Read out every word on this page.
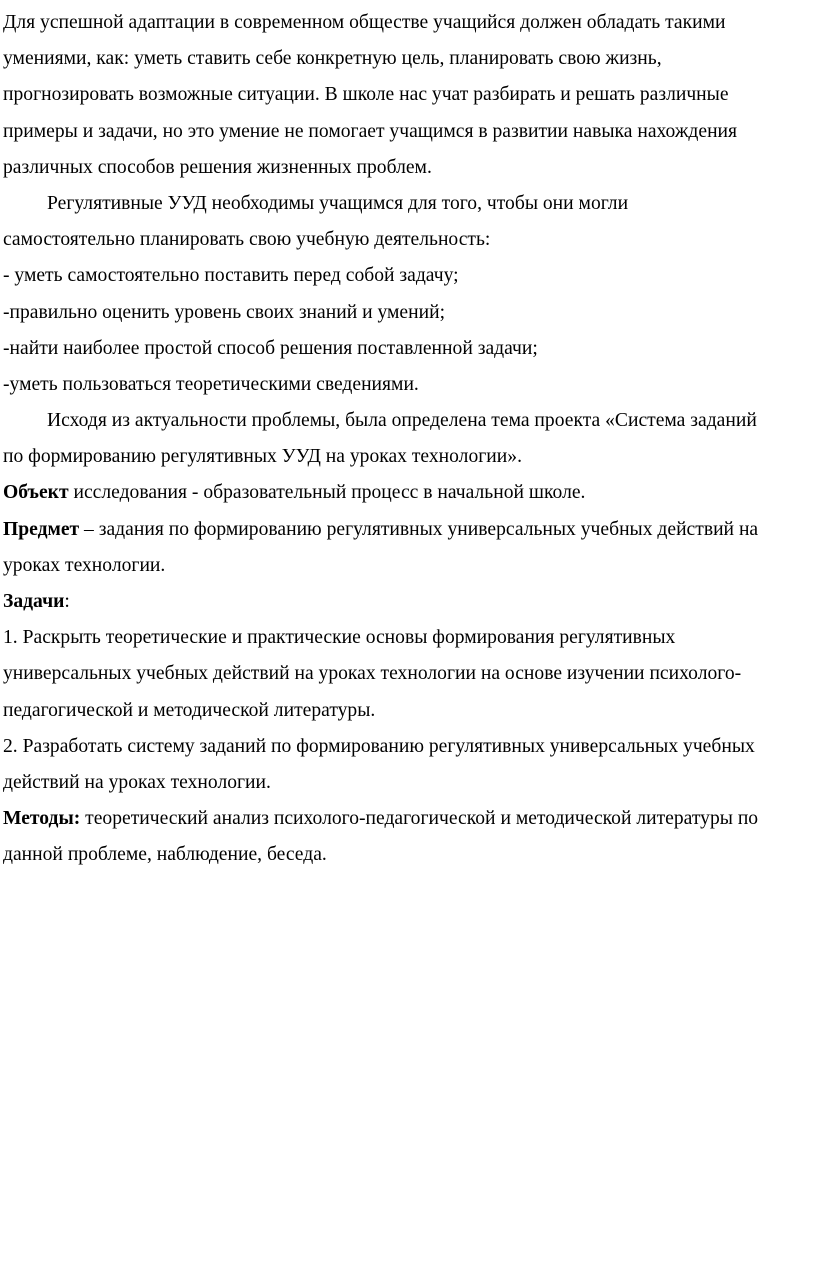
Для успешной адаптации в современном обществе учащийся должен обладать такими
умениями, как: уметь ставить себе конкретную цель, планировать свою жизнь,
прогнозировать возможные ситуации. В школе нас учат разбирать и решать различные
примеры и задачи, но это умение не помогает учащимся в развитии навыка нахождения
различных способов решения жизненных проблем.
Регулятивные УУД необходимы учащимся для того, чтобы они могли
самостоятельно планировать свою учебную деятельность:
- уметь самостоятельно поставить перед собой задачу;
-правильно оценить уровень своих знаний и умений;
-найти наиболее простой способ решения поставленной задачи;
-уметь пользоваться теоретическими сведениями.
Исходя из актуальности проблемы, была определена тема проекта «Система заданий
по формированию регулятивных УУД на уроках технологии».
Объект исследования - образовательный процесс в начальной школе.
Предмет – задания по формированию регулятивных универсальных учебных действий на
уроках технологии.
Задачи:
1. Раскрыть теоретические и практические основы формирования регулятивных
универсальных учебных действий на уроках технологии на основе изучении психолого-
педагогической и методической литературы.
2. Разработать систему заданий по формированию регулятивных универсальных учебных
действий на уроках технологии.
Методы: теоретический анализ психолого-педагогической и методической литературы по
данной проблеме, наблюдение, беседа.
